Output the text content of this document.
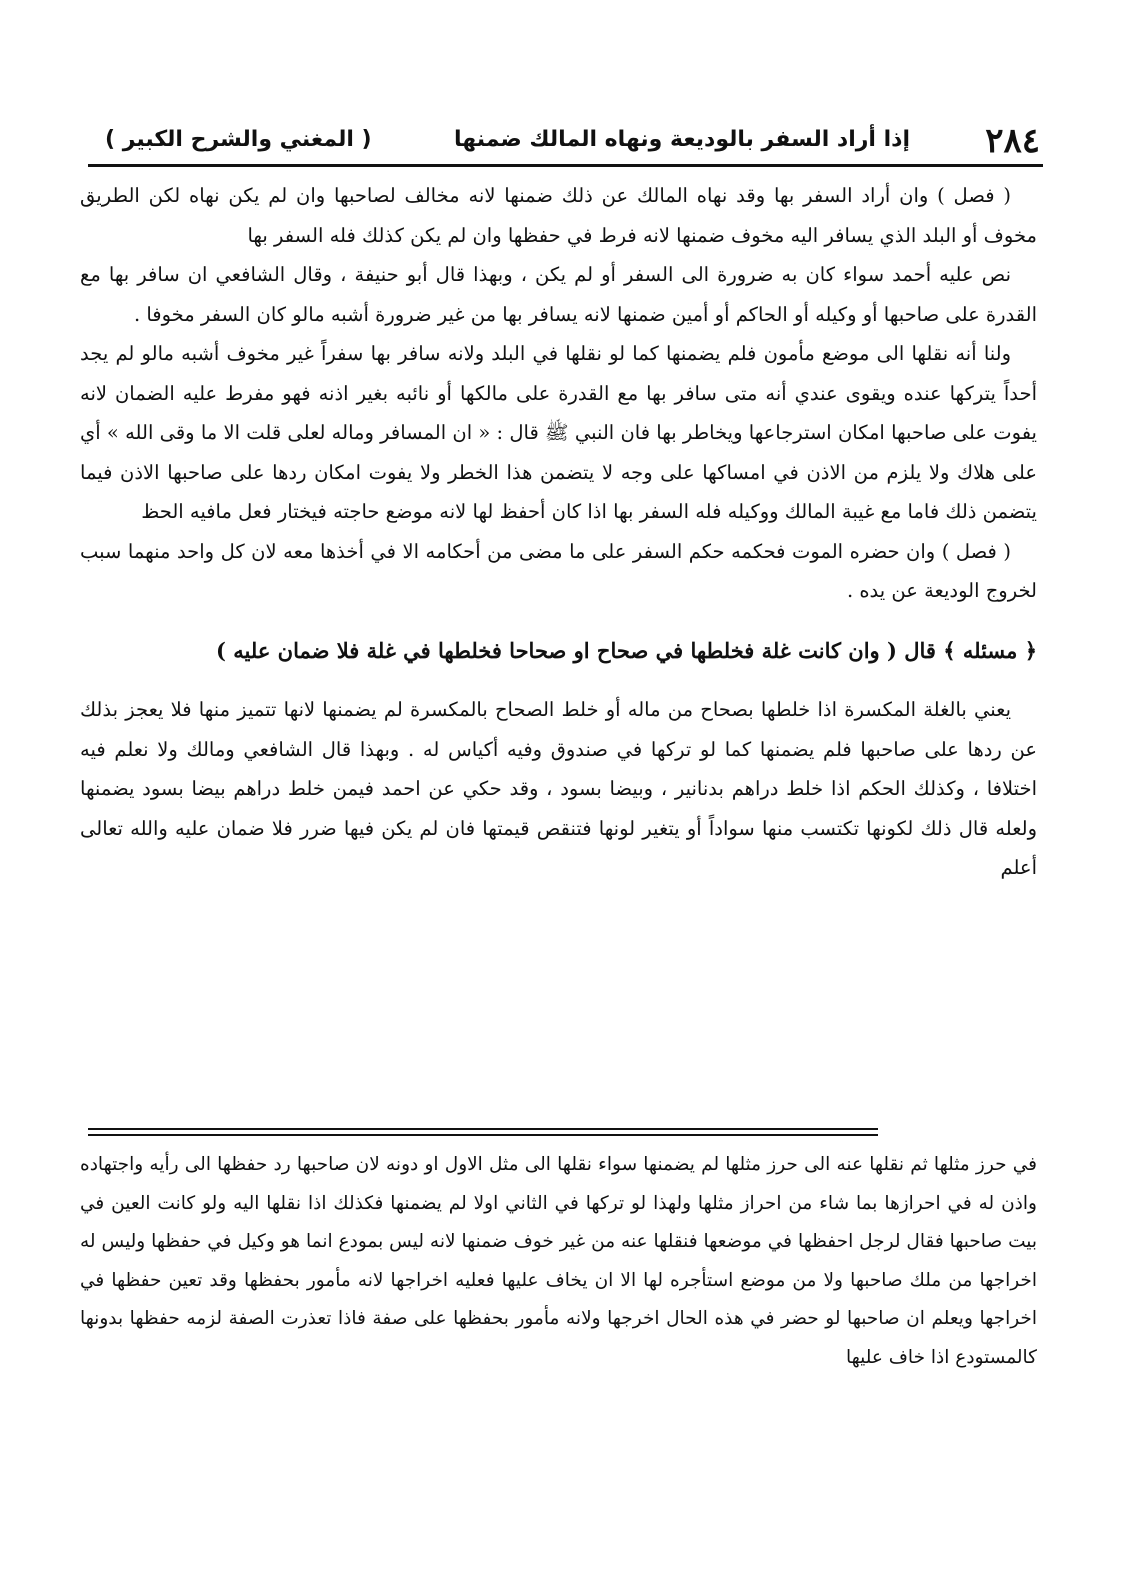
٢٨٤
إذا أراد السفر بالوديعة ونهاه المالك ضمنها
( المغني والشرح الكبير )

( فصل ) وان أراد السفر بها وقد نهاه المالك عن ذلك ضمنها لانه مخالف لصاحبها وان لم يكن نهاه لكن الطريق مخوف أو البلد الذي يسافر اليه مخوف ضمنها لانه فرط في حفظها وان لم يكن كذلك فله السفر بها

نص عليه أحمد سواء كان به ضرورة الى السفر أو لم يكن ، وبهذا قال أبو حنيفة ، وقال الشافعي ان سافر بها مع القدرة على صاحبها أو وكيله أو الحاكم أو أمين ضمنها لانه يسافر بها من غير ضرورة أشبه مالو كان السفر مخوفا .

ولنا أنه نقلها الى موضع مأمون فلم يضمنها كما لو نقلها في البلد ولانه سافر بها سفراً غير مخوف أشبه مالو لم يجد أحداً يتركها عنده ويقوى عندي أنه متى سافر بها مع القدرة على مالكها أو نائبه بغير اذنه فهو مفرط عليه الضمان لانه يفوت على صاحبها امكان استرجاعها ويخاطر بها فان النبي ﷺ قال : « ان المسافر وماله لعلى قلت الا ما وقى الله » أي على هلاك ولا يلزم من الاذن في امساكها على وجه لا يتضمن هذا الخطر ولا يفوت امكان ردها على صاحبها الاذن فيما يتضمن ذلك فاما مع غيبة المالك ووكيله فله السفر بها اذا كان أحفظ لها لانه موضع حاجته فيختار فعل مافيه الحظ

( فصل ) وان حضره الموت فحكمه حكم السفر على ما مضى من أحكامه الا في أخذها معه لان كل واحد منهما سبب لخروج الوديعة عن يده .

﴿ مسئله ﴾ قال ( وان كانت غلة فخلطها في صحاح او صحاحا فخلطها في غلة فلا ضمان عليه )

يعني بالغلة المكسرة اذا خلطها بصحاح من ماله أو خلط الصحاح بالمكسرة لم يضمنها لانها تتميز منها فلا يعجز بذلك عن ردها على صاحبها فلم يضمنها كما لو تركها في صندوق وفيه أكياس له . وبهذا قال الشافعي ومالك ولا نعلم فيه اختلافا ، وكذلك الحكم اذا خلط دراهم بدنانير ، وبيضا بسود ، وقد حكي عن احمد فيمن خلط دراهم بيضا بسود يضمنها ولعله قال ذلك لكونها تكتسب منها سواداً أو يتغير لونها فتنقص قيمتها فان لم يكن فيها ضرر فلا ضمان عليه والله تعالى أعلم

في حرز مثلها ثم نقلها عنه الى حرز مثلها لم يضمنها سواء نقلها الى مثل الاول او دونه لان صاحبها رد حفظها الى رأيه واجتهاده واذن له في احرازها بما شاء من احراز مثلها ولهذا لو تركها في الثاني اولا لم يضمنها فكذلك اذا نقلها اليه ولو كانت العين في بيت صاحبها فقال لرجل احفظها في موضعها فنقلها عنه من غير خوف ضمنها لانه ليس بمودع انما هو وكيل في حفظها وليس له اخراجها من ملك صاحبها ولا من موضع استأجره لها الا ان يخاف عليها فعليه اخراجها لانه مأمور بحفظها وقد تعين حفظها في اخراجها ويعلم ان صاحبها لو حضر في هذه الحال اخرجها ولانه مأمور بحفظها على صفة فاذا تعذرت الصفة لزمه حفظها بدونها كالمستودع اذا خاف عليها
